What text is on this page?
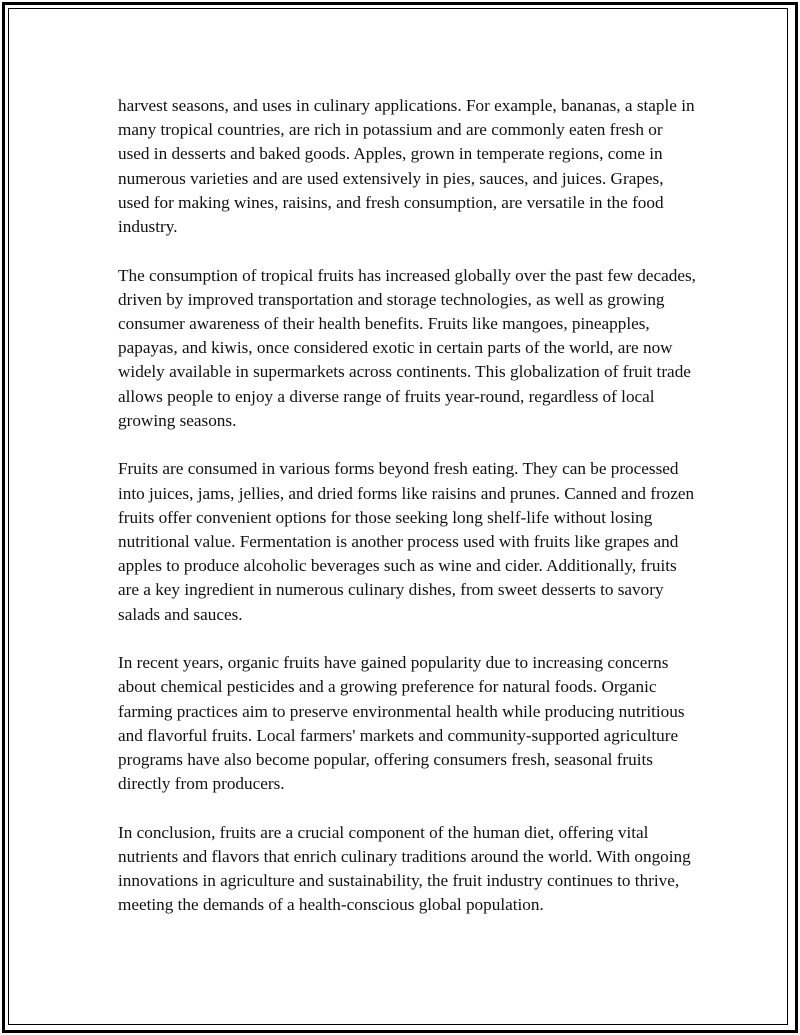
harvest seasons, and uses in culinary applications. For example, bananas, a staple in many tropical countries, are rich in potassium and are commonly eaten fresh or used in desserts and baked goods. Apples, grown in temperate regions, come in numerous varieties and are used extensively in pies, sauces, and juices. Grapes, used for making wines, raisins, and fresh consumption, are versatile in the food industry.

The consumption of tropical fruits has increased globally over the past few decades, driven by improved transportation and storage technologies, as well as growing consumer awareness of their health benefits. Fruits like mangoes, pineapples, papayas, and kiwis, once considered exotic in certain parts of the world, are now widely available in supermarkets across continents. This globalization of fruit trade allows people to enjoy a diverse range of fruits year-round, regardless of local growing seasons.

Fruits are consumed in various forms beyond fresh eating. They can be processed into juices, jams, jellies, and dried forms like raisins and prunes. Canned and frozen fruits offer convenient options for those seeking long shelf-life without losing nutritional value. Fermentation is another process used with fruits like grapes and apples to produce alcoholic beverages such as wine and cider. Additionally, fruits are a key ingredient in numerous culinary dishes, from sweet desserts to savory salads and sauces.

In recent years, organic fruits have gained popularity due to increasing concerns about chemical pesticides and a growing preference for natural foods. Organic farming practices aim to preserve environmental health while producing nutritious and flavorful fruits. Local farmers' markets and community-supported agriculture programs have also become popular, offering consumers fresh, seasonal fruits directly from producers.

In conclusion, fruits are a crucial component of the human diet, offering vital nutrients and flavors that enrich culinary traditions around the world. With ongoing innovations in agriculture and sustainability, the fruit industry continues to thrive, meeting the demands of a health-conscious global population.
